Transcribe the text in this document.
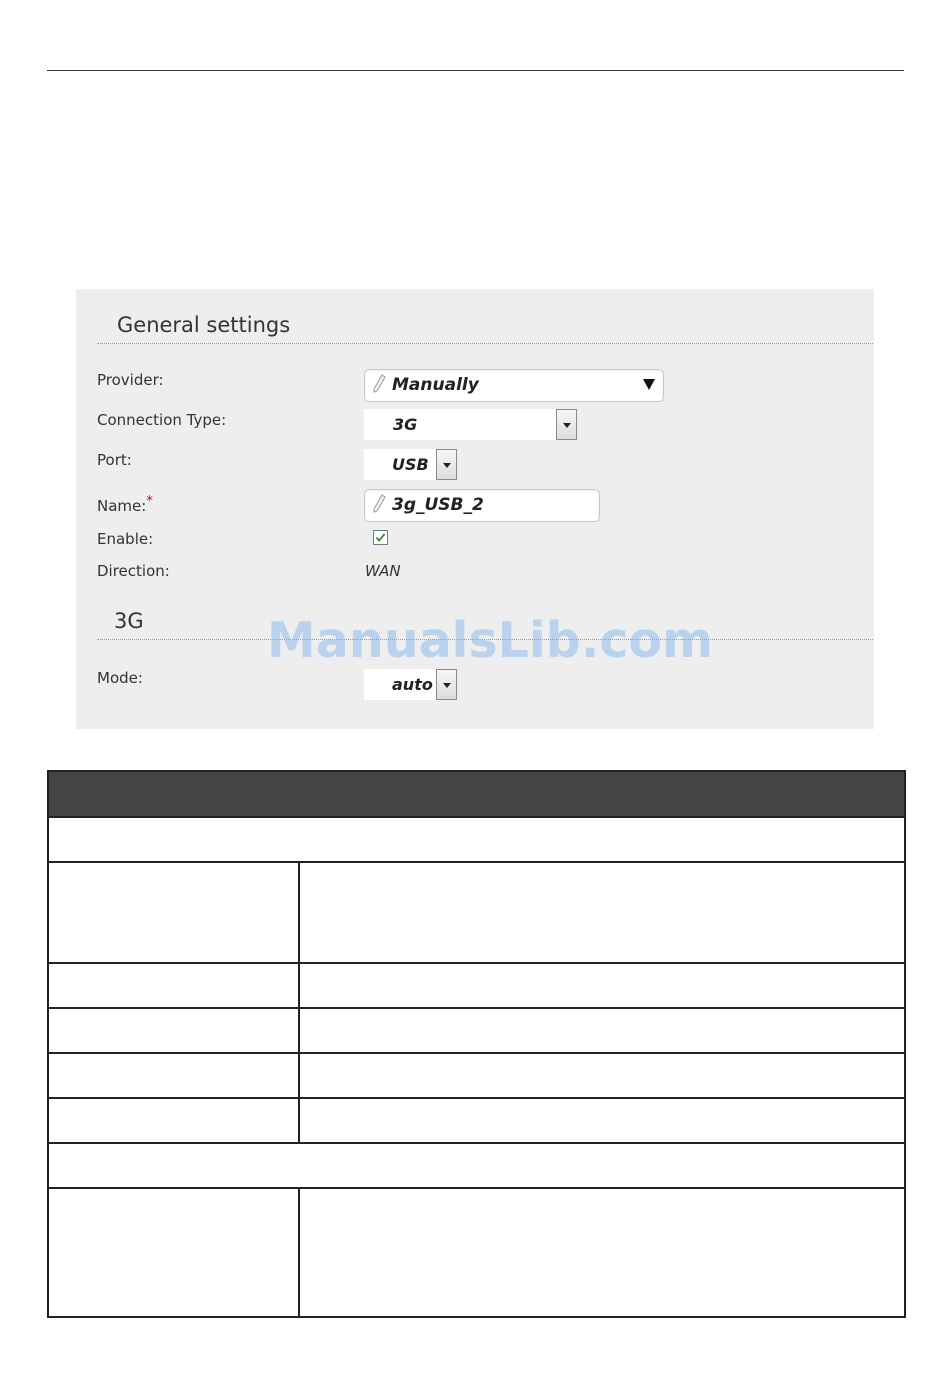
General settings
Provider:	Manually
Connection Type:	3G
Port:	USB
Name:*	3g_USB_2
Enable:
Direction:	WAN
3G
Mode:	auto
ManualsLib.com
